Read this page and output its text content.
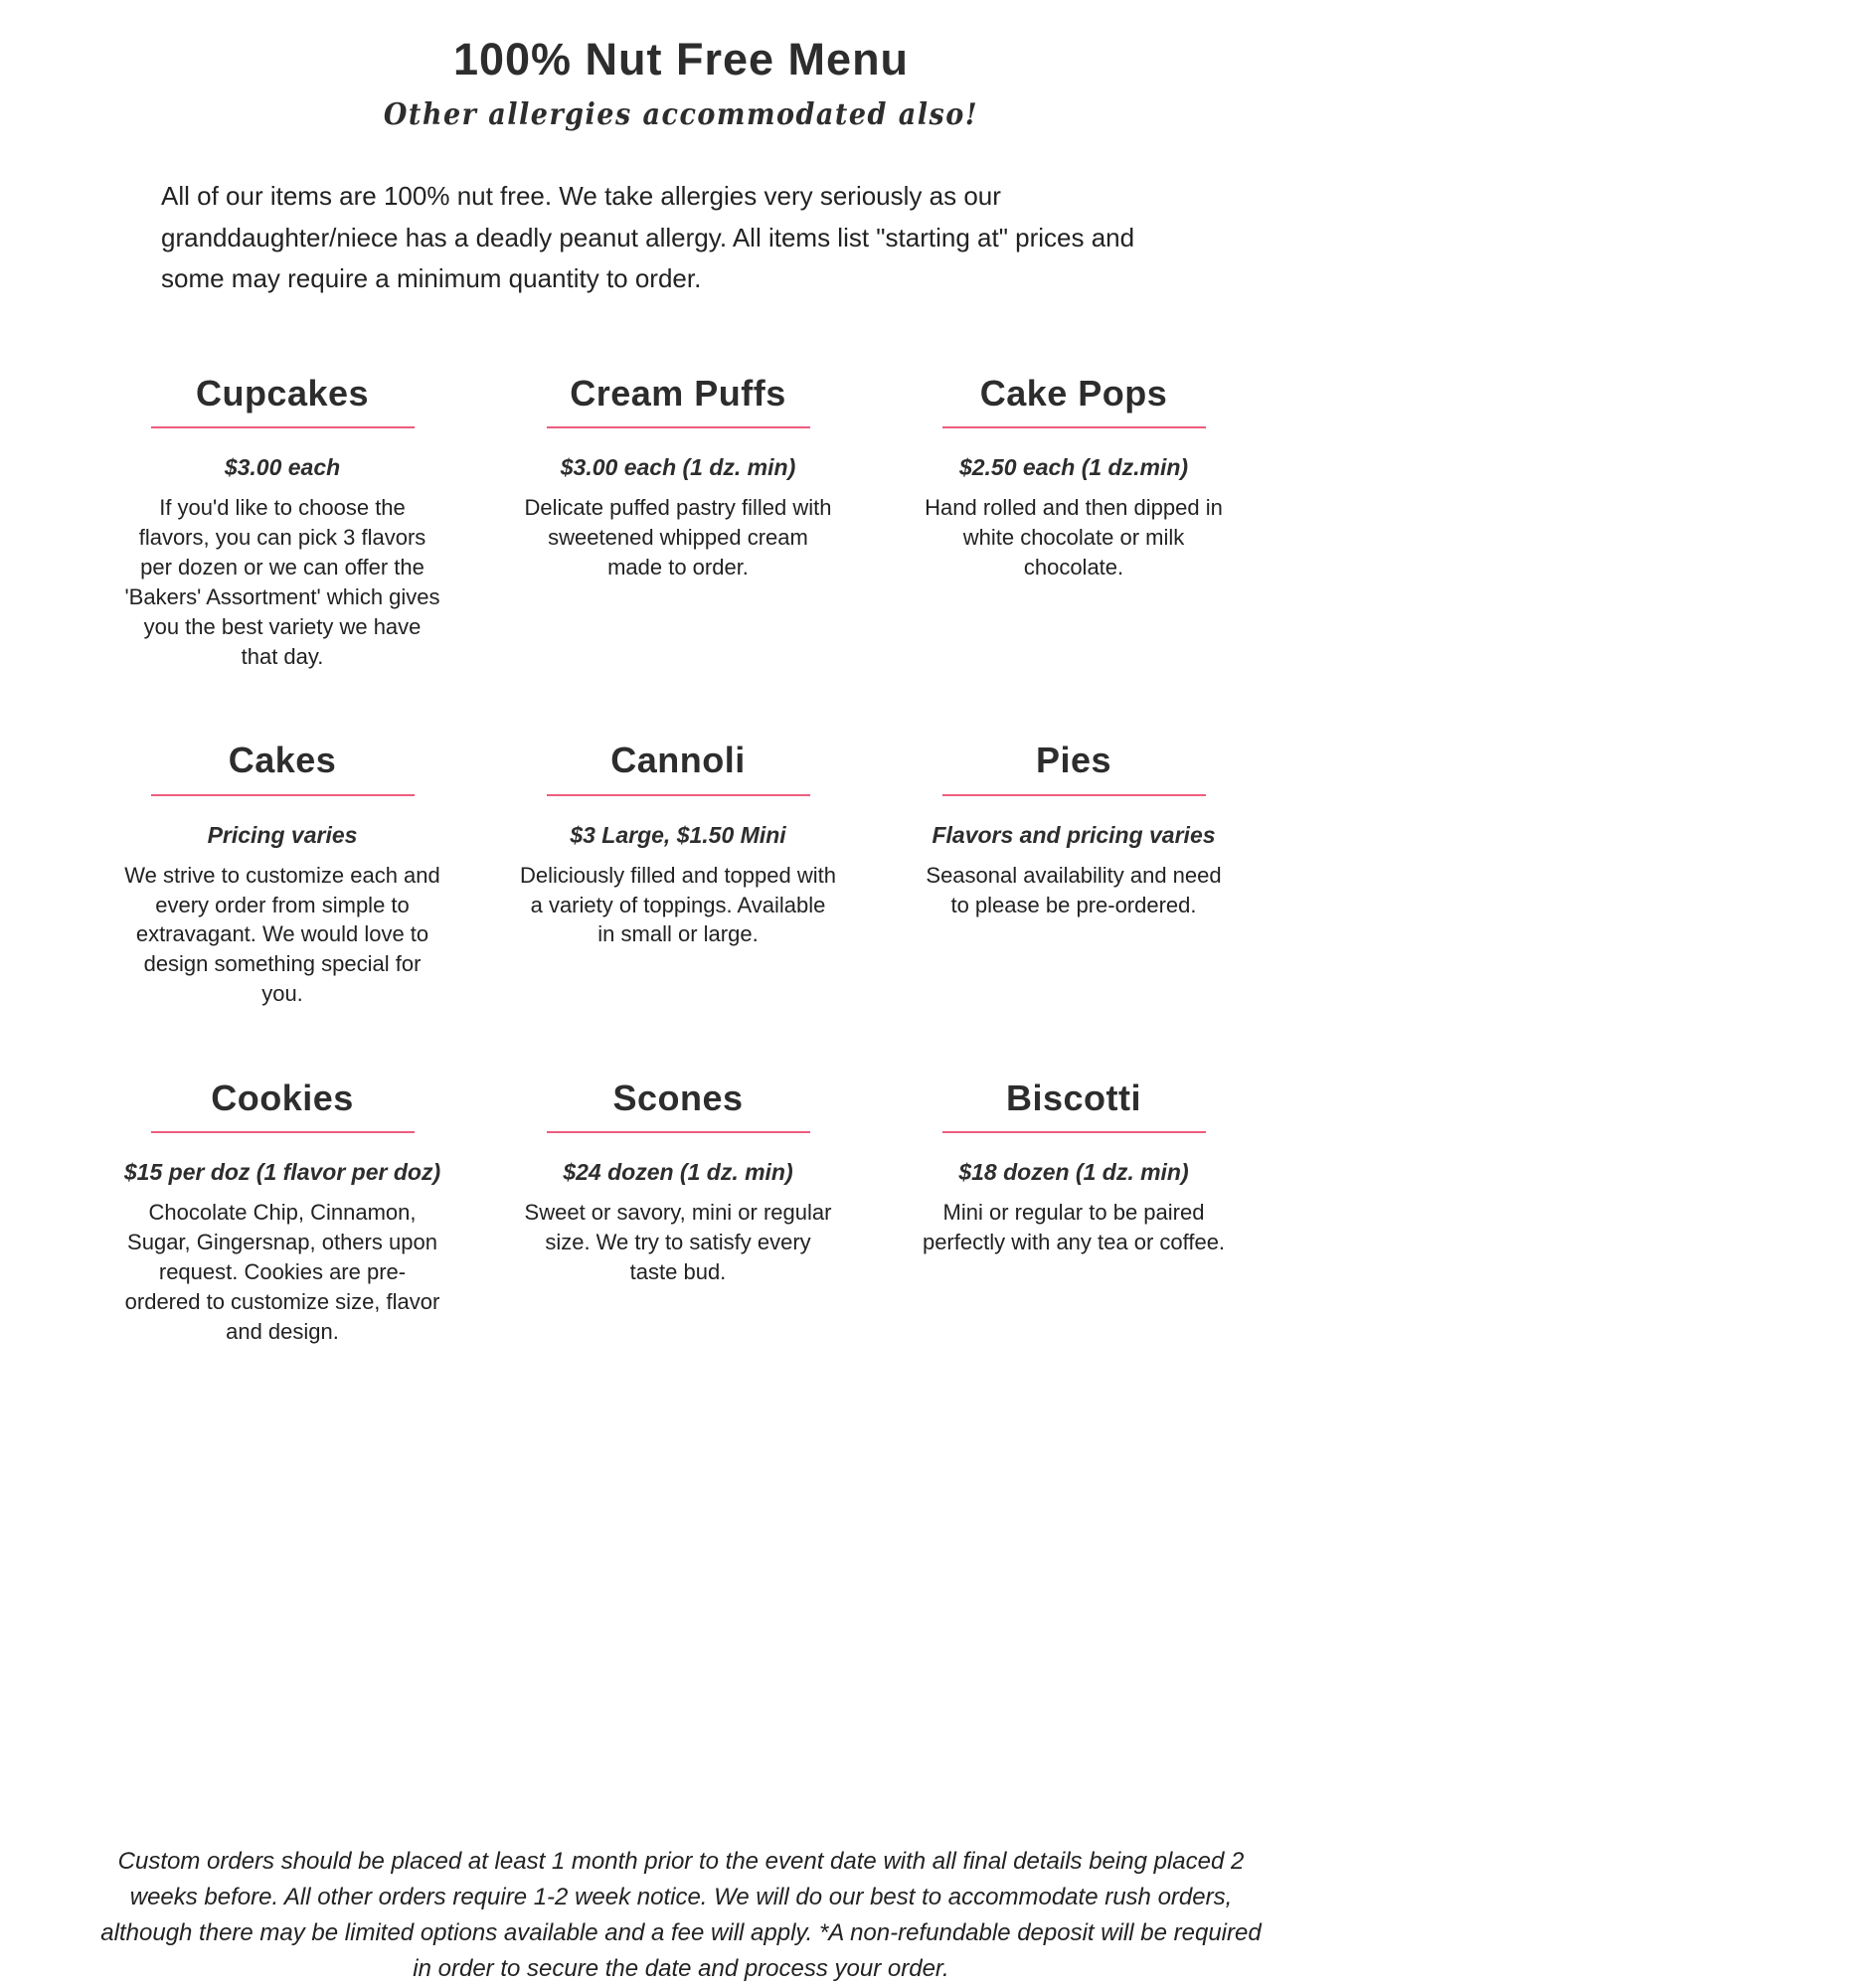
100% Nut Free Menu
Other allergies accommodated also!

All of our items are 100% nut free. We take allergies very seriously as our granddaughter/niece has a deadly peanut allergy. All items list "starting at" prices and some may require a minimum quantity to order.

Cupcakes
$3.00 each

If you'd like to choose the flavors, you can pick 3 flavors per dozen or we can offer the 'Bakers' Assortment' which gives you the best variety we have that day.

Cream Puffs
$3.00 each (1 dz. min)

Delicate puffed pastry filled with sweetened whipped cream made to order.

Cake Pops
$2.50 each (1 dz.min)

Hand rolled and then dipped in white chocolate or milk chocolate.

Cakes
Pricing varies

We strive to customize each and every order from simple to extravagant. We would love to design something special for you.

Cannoli
$3 Large, $1.50 Mini

Deliciously filled and topped with a variety of toppings. Available in small or large.

Pies
Flavors and pricing varies

Seasonal availability and need to please be pre-ordered.

Cookies
$15 per doz (1 flavor per doz)

Chocolate Chip, Cinnamon, Sugar, Gingersnap, others upon request. Cookies are pre-ordered to customize size, flavor and design.

Scones
$24 dozen (1 dz. min)

Sweet or savory, mini or regular size. We try to satisfy every taste bud.

Biscotti
$18 dozen (1 dz. min)

Mini or regular to be paired perfectly with any tea or coffee.

Custom orders should be placed at least 1 month prior to the event date with all final details being placed 2 weeks before. All other orders require 1-2 week notice. We will do our best to accommodate rush orders, although there may be limited options available and a fee will apply. *A non-refundable deposit will be required in order to secure the date and process your order.
